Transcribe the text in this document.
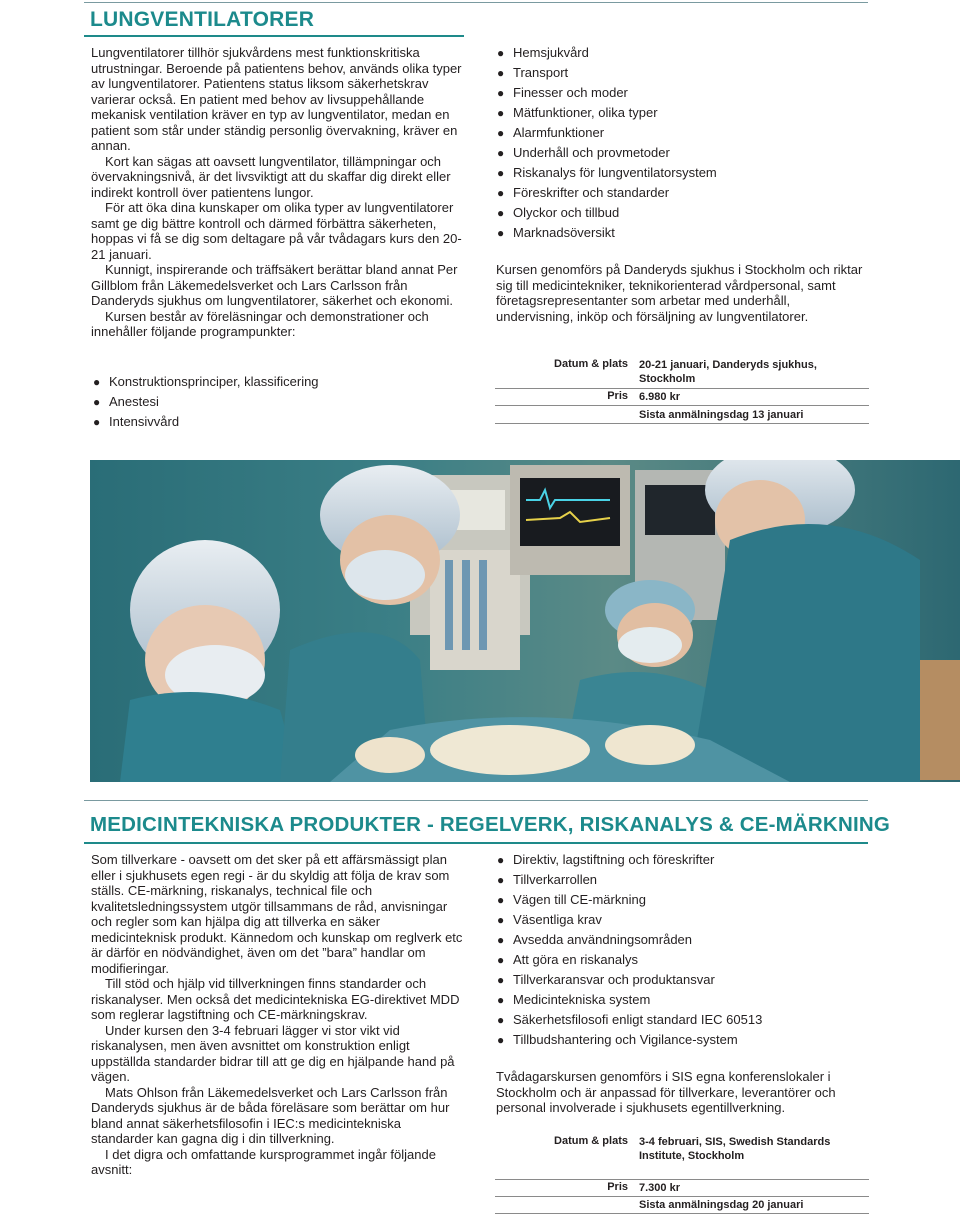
LUNGVENTILATORER

Lungventilatorer tillhör sjukvårdens mest funktionskritiska utrustningar. Beroende på patientens behov, används olika typer av lungventilatorer. Patientens status liksom säkerhetskrav varierar också. En patient med behov av livsuppehållande mekanisk ventilation kräver en typ av lungventilator, medan en patient som står under ständig personlig övervakning, kräver en annan.

Kort kan sägas att oavsett lungventilator, tillämpningar och övervakningsnivå, är det livsviktigt att du skaffar dig direkt eller indirekt kontroll över patientens lungor.

För att öka dina kunskaper om olika typer av lungventilatorer samt ge dig bättre kontroll och därmed förbättra säkerheten, hoppas vi få se dig som deltagare på vår tvådagars kurs den 20-21 januari.

Kunnigt, inspirerande och träffsäkert berättar bland annat Per Gillblom från Läkemedelsverket och Lars Carlsson från Danderyds sjukhus om lungventilatorer, säkerhet och ekonomi.

Kursen består av föreläsningar och demonstrationer och innehåller följande programpunkter:

● Konstruktionsprinciper, klassificering
● Anestesi
● Intensivvård
● Hemsjukvård
● Transport
● Finesser och moder
● Mätfunktioner, olika typer
● Alarmfunktioner
● Underhåll och provmetoder
● Riskanalys för lungventilatorsystem
● Föreskrifter och standarder
● Olyckor och tillbud
● Marknadsöversikt

Kursen genomförs på Danderyds sjukhus i Stockholm och riktar sig till medicintekniker, teknikorienterad vårdpersonal, samt företagsrepresentanter som arbetar med underhåll, undervisning, inköp och försäljning av lungventilatorer.

Datum & plats 20-21 januari, Danderyds sjukhus, Stockholm
Pris 6.980 kr
Sista anmälningsdag 13 januari
MEDICINTEKNISKA PRODUKTER - REGELVERK, RISKANALYS & CE-MÄRKNING

Som tillverkare - oavsett om det sker på ett affärsmässigt plan eller i sjukhusets egen regi - är du skyldig att följa de krav som ställs. CE-märkning, riskanalys, technical file och kvalitetsledningssystem utgör tillsammans de råd, anvisningar och regler som kan hjälpa dig att tillverka en säker medicinteknisk produkt. Kännedom och kunskap om reglverk etc är därför en nödvändighet, även om det ”bara” handlar om modifieringar.

Till stöd och hjälp vid tillverkningen finns standarder och riskanalyser. Men också det medicintekniska EG-direktivet MDD som reglerar lagstiftning och CE-märkningskrav.

Under kursen den 3-4 februari lägger vi stor vikt vid riskanalysen, men även avsnittet om konstruktion enligt uppställda standarder bidrar till att ge dig en hjälpande hand på vägen.

Mats Ohlson från Läkemedelsverket och Lars Carlsson från Danderyds sjukhus är de båda föreläsare som berättar om hur bland annat säkerhetsfilosofin i IEC:s medicintekniska standarder kan gagna dig i din tillverkning.

I det digra och omfattande kursprogrammet ingår följande avsnitt:

● Direktiv, lagstiftning och föreskrifter
● Tillverkarrollen
● Vägen till CE-märkning
● Väsentliga krav
● Avsedda användningsområden
● Att göra en riskanalys
● Tillverkaransvar och produktansvar
● Medicintekniska system
● Säkerhetsfilosofi enligt standard IEC 60513
● Tillbudshantering och Vigilance-system

Tvådagarskursen genomförs i SIS egna konferenslokaler i Stockholm och är anpassad för tillverkare, leverantörer och personal involverade i sjukhusets egentillverkning.

Datum & plats 3-4 februari, SIS, Swedish Standards Institute, Stockholm
Pris 7.300 kr
Sista anmälningsdag 20 januari
